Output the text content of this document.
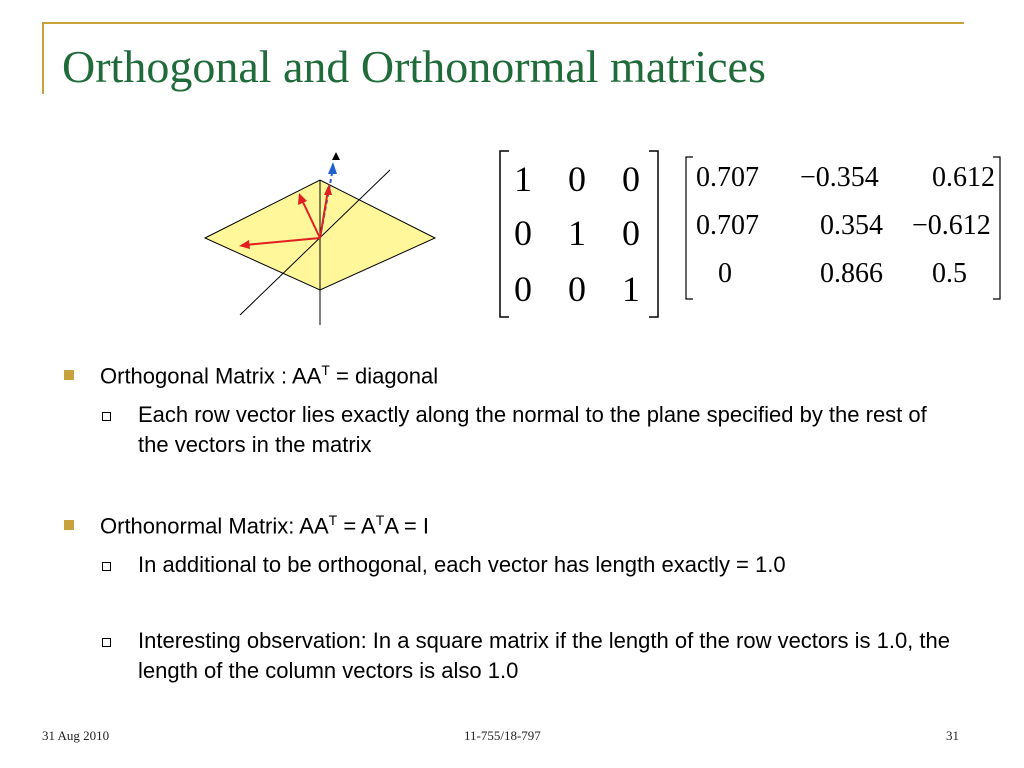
Orthogonal and Orthonormal matrices
1 0 0
0 1 0
0 0 1
0.707 −0.354 0.612
0.707 0.354 −0.612
0	0.866 0.5
Orthogonal Matrix : $AA^T$ = diagonal
Each row vector lies exactly along the normal to the plane specified by the rest of the vectors in the matrix
Orthonormal Matrix: $AA^T = A^TA = I$
In additional to be orthogonal, each vector has length exactly = 1.0
Interesting observation: In a square matrix if the length of the row vectors is 1.0, the length of the column vectors is also 1.0
31 Aug 2010	11-755/18-797	31
